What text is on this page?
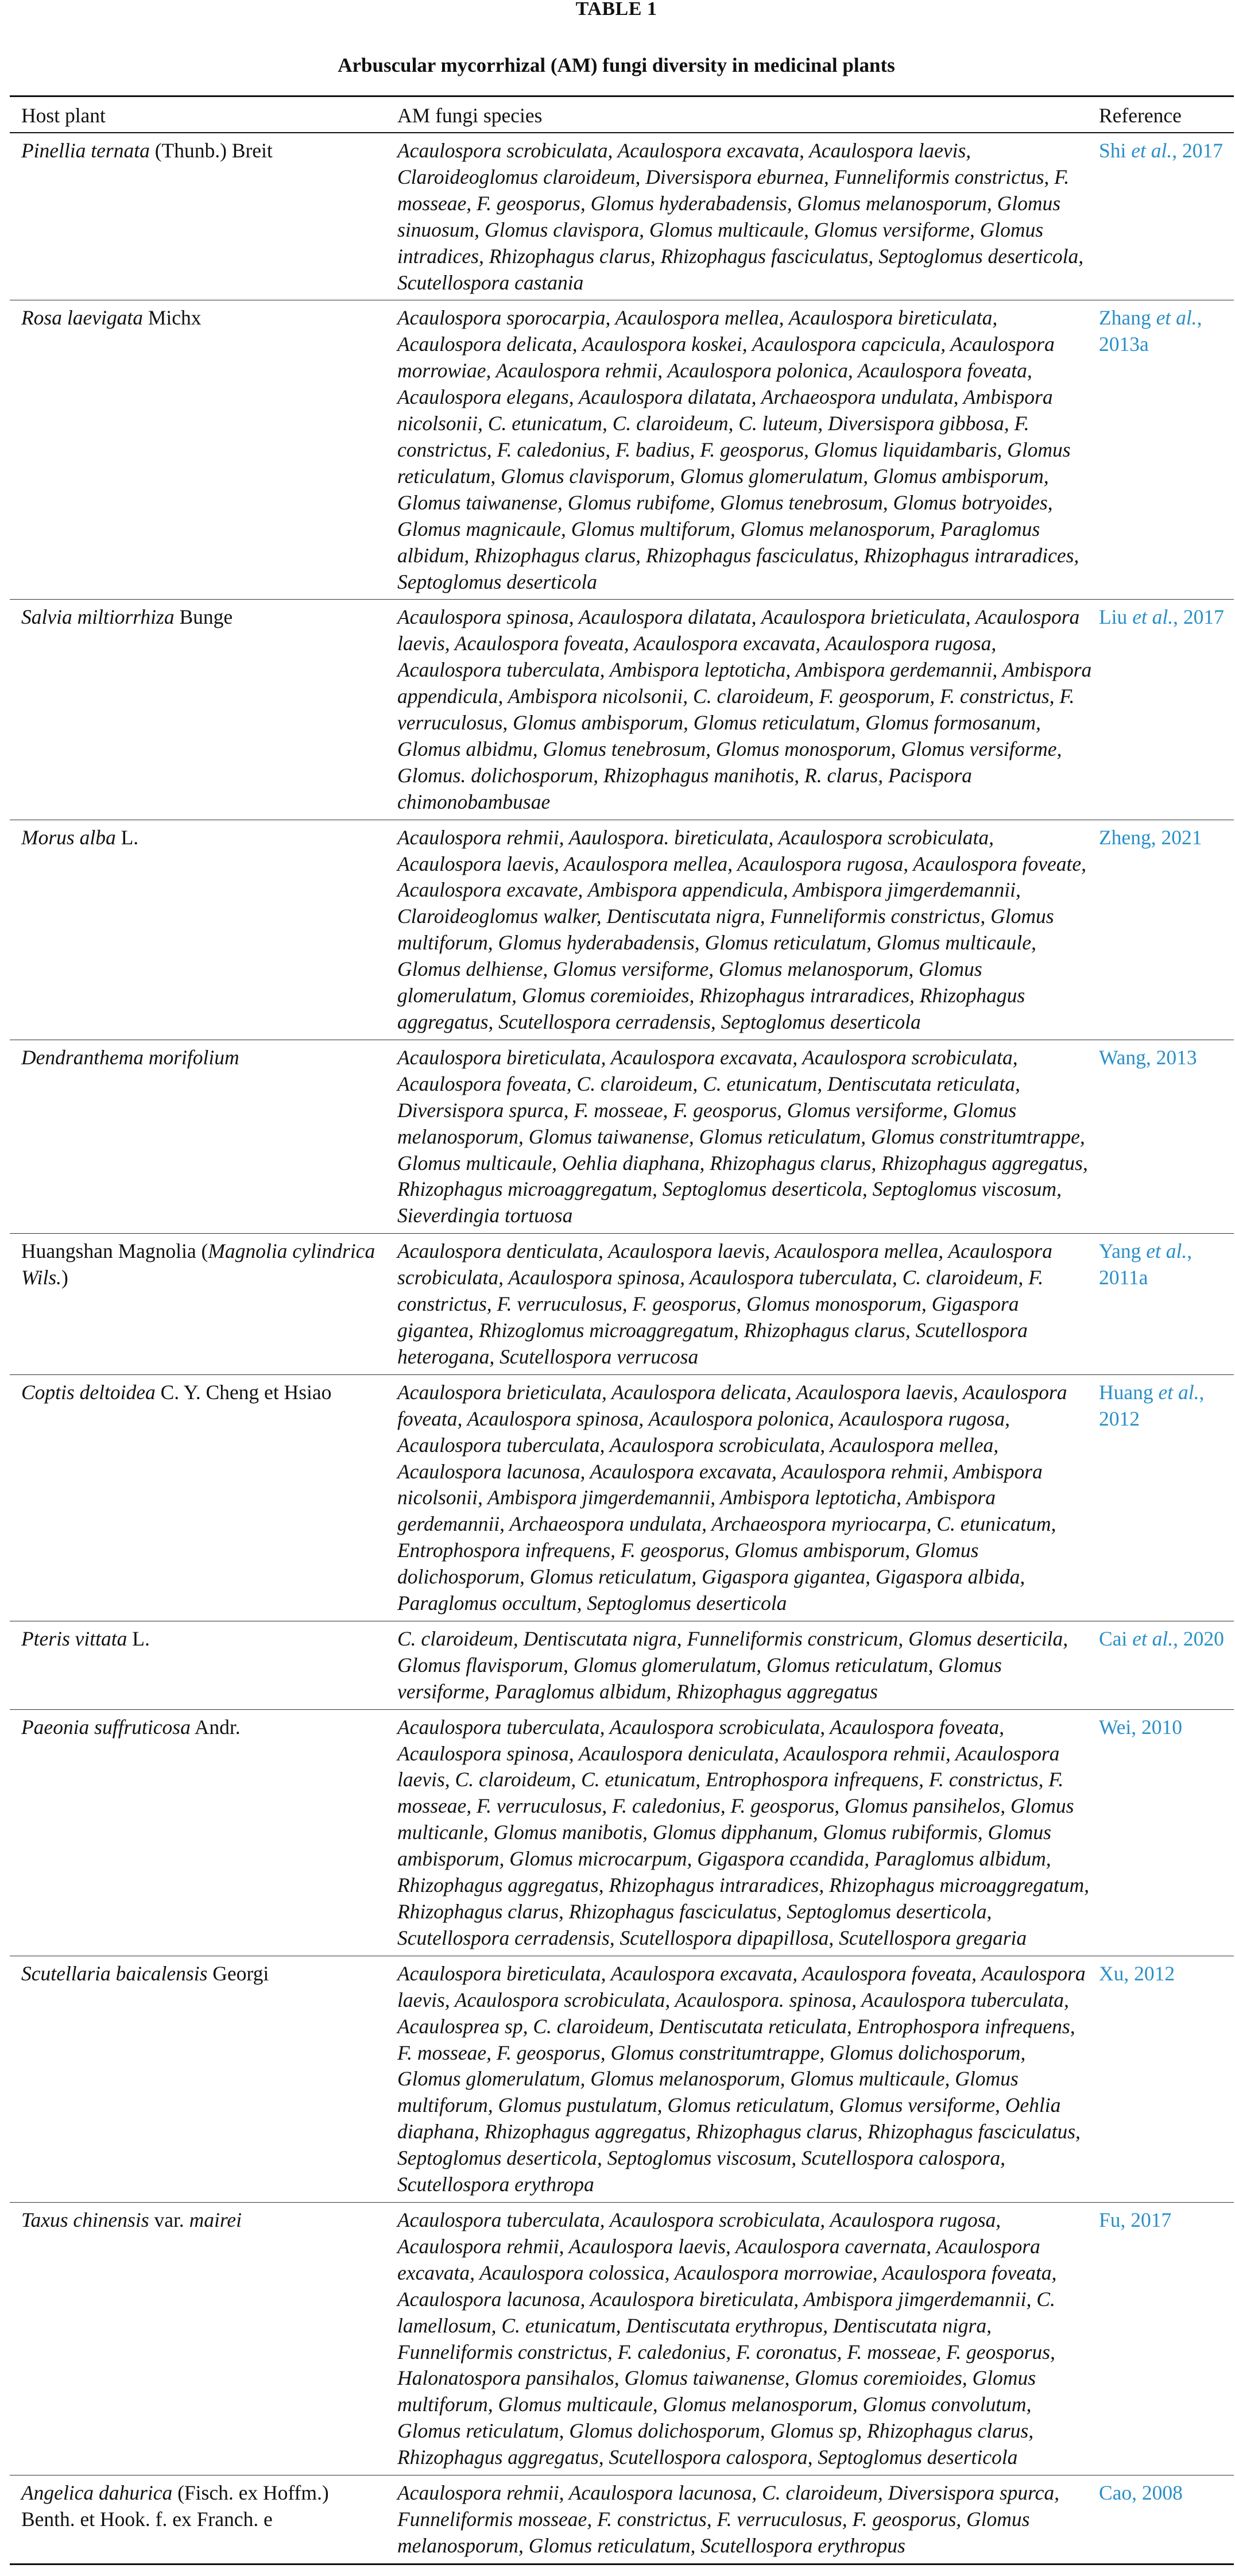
TABLE 1
Arbuscular mycorrhizal (AM) fungi diversity in medicinal plants
Host plant	AM fungi species	Reference
Pinellia ternata (Thunb.) Breit	Acaulospora scrobiculata, Acaulospora excavata, Acaulospora laevis, Claroideoglomus claroideum, Diversispora eburnea, Funneliformis constrictus, F. mosseae, F. geosporus, Glomus hyderabadensis, Glomus melanosporum, Glomus sinuosum, Glomus clavispora, Glomus multicaule, Glomus versiforme, Glomus intradices, Rhizophagus clarus, Rhizophagus fasciculatus, Septoglomus deserticola, Scutellospora castania	Shi et al., 2017
Rosa laevigata Michx	Acaulospora sporocarpia, Acaulospora mellea, Acaulospora bireticulata, Acaulospora delicata, Acaulospora koskei, Acaulospora capcicula, Acaulospora morrowiae, Acaulospora rehmii, Acaulospora polonica, Acaulospora foveata, Acaulospora elegans, Acaulospora dilatata, Archaeospora undulata, Ambispora nicolsonii, C. etunicatum, C. claroideum, C. luteum, Diversispora gibbosa, F. constrictus, F. caledonius, F. badius, F. geosporus, Glomus liquidambaris, Glomus reticulatum, Glomus clavisporum, Glomus glomerulatum, Glomus ambisporum, Glomus taiwanense, Glomus rubifome, Glomus tenebrosum, Glomus botryoides, Glomus magnicaule, Glomus multiforum, Glomus melanosporum, Paraglomus albidum, Rhizophagus clarus, Rhizophagus fasciculatus, Rhizophagus intraradices, Septoglomus deserticola	Zhang et al., 2013a
Salvia miltiorrhiza Bunge	Acaulospora spinosa, Acaulospora dilatata, Acaulospora brieticulata, Acaulospora laevis, Acaulospora foveata, Acaulospora excavata, Acaulospora rugosa, Acaulospora tuberculata, Ambispora leptoticha, Ambispora gerdemannii, Ambispora appendicula, Ambispora nicolsonii, C. claroideum, F. geosporum, F. constrictus, F. verruculosus, Glomus ambisporum, Glomus reticulatum, Glomus formosanum, Glomus albidmu, Glomus tenebrosum, Glomus monosporum, Glomus versiforme, Glomus. dolichosporum, Rhizophagus manihotis, R. clarus, Pacispora chimonobambusae	Liu et al., 2017
Morus alba L.	Acaulospora rehmii, Aaulospora. bireticulata, Acaulospora scrobiculata, Acaulospora laevis, Acaulospora mellea, Acaulospora rugosa, Acaulospora foveate, Acaulospora excavate, Ambispora appendicula, Ambispora jimgerdemannii, Claroideoglomus walker, Dentiscutata nigra, Funneliformis constrictus, Glomus multiforum, Glomus hyderabadensis, Glomus reticulatum, Glomus multicaule, Glomus delhiense, Glomus versiforme, Glomus melanosporum, Glomus glomerulatum, Glomus coremioides, Rhizophagus intraradices, Rhizophagus aggregatus, Scutellospora cerradensis, Septoglomus deserticola	Zheng, 2021
Dendranthema morifolium	Acaulospora bireticulata, Acaulospora excavata, Acaulospora scrobiculata, Acaulospora foveata, C. claroideum, C. etunicatum, Dentiscutata reticulata, Diversispora spurca, F. mosseae, F. geosporus, Glomus versiforme, Glomus melanosporum, Glomus taiwanense, Glomus reticulatum, Glomus constritumtrappe, Glomus multicaule, Oehlia diaphana, Rhizophagus clarus, Rhizophagus aggregatus, Rhizophagus microaggregatum, Septoglomus deserticola, Septoglomus viscosum, Sieverdingia tortuosa	Wang, 2013
Huangshan Magnolia (Magnolia cylindrica Wils.)	Acaulospora denticulata, Acaulospora laevis, Acaulospora mellea, Acaulospora scrobiculata, Acaulospora spinosa, Acaulospora tuberculata, C. claroideum, F. constrictus, F. verruculosus, F. geosporus, Glomus monosporum, Gigaspora gigantea, Rhizoglomus microaggregatum, Rhizophagus clarus, Scutellospora heterogana, Scutellospora verrucosa	Yang et al., 2011a
Coptis deltoidea C. Y. Cheng et Hsiao	Acaulospora brieticulata, Acaulospora delicata, Acaulospora laevis, Acaulospora foveata, Acaulospora spinosa, Acaulospora polonica, Acaulospora rugosa, Acaulospora tuberculata, Acaulospora scrobiculata, Acaulospora mellea, Acaulospora lacunosa, Acaulospora excavata, Acaulospora rehmii, Ambispora nicolsonii, Ambispora jimgerdemannii, Ambispora leptoticha, Ambispora gerdemannii, Archaeospora undulata, Archaeospora myriocarpa, C. etunicatum, Entrophospora infrequens, F. geosporus, Glomus ambisporum, Glomus dolichosporum, Glomus reticulatum, Gigaspora gigantea, Gigaspora albida, Paraglomus occultum, Septoglomus deserticola	Huang et al., 2012
Pteris vittata L.	C. claroideum, Dentiscutata nigra, Funneliformis constricum, Glomus deserticila, Glomus flavisporum, Glomus glomerulatum, Glomus reticulatum, Glomus versiforme, Paraglomus albidum, Rhizophagus aggregatus	Cai et al., 2020
Paeonia suffruticosa Andr.	Acaulospora tuberculata, Acaulospora scrobiculata, Acaulospora foveata, Acaulospora spinosa, Acaulospora deniculata, Acaulospora rehmii, Acaulospora laevis, C. claroideum, C. etunicatum, Entrophospora infrequens, F. constrictus, F. mosseae, F. verruculosus, F. caledonius, F. geosporus, Glomus pansihelos, Glomus multicanle, Glomus manibotis, Glomus dipphanum, Glomus rubiformis, Glomus ambisporum, Glomus microcarpum, Gigaspora ccandida, Paraglomus albidum, Rhizophagus aggregatus, Rhizophagus intraradices, Rhizophagus microaggregatum, Rhizophagus clarus, Rhizophagus fasciculatus, Septoglomus deserticola, Scutellospora cerradensis, Scutellospora dipapillosa, Scutellospora gregaria	Wei, 2010
Scutellaria baicalensis Georgi	Acaulospora bireticulata, Acaulospora excavata, Acaulospora foveata, Acaulospora laevis, Acaulospora scrobiculata, Acaulospora. spinosa, Acaulospora tuberculata, Acaulosprea sp, C. claroideum, Dentiscutata reticulata, Entrophospora infrequens, F. mosseae, F. geosporus, Glomus constritumtrappe, Glomus dolichosporum, Glomus glomerulatum, Glomus melanosporum, Glomus multicaule, Glomus multiforum, Glomus pustulatum, Glomus reticulatum, Glomus versiforme, Oehlia diaphana, Rhizophagus aggregatus, Rhizophagus clarus, Rhizophagus fasciculatus, Septoglomus deserticola, Septoglomus viscosum, Scutellospora calospora, Scutellospora erythropa	Xu, 2012
Taxus chinensis var. mairei	Acaulospora tuberculata, Acaulospora scrobiculata, Acaulospora rugosa, Acaulospora rehmii, Acaulospora laevis, Acaulospora cavernata, Acaulospora excavata, Acaulospora colossica, Acaulospora morrowiae, Acaulospora foveata, Acaulospora lacunosa, Acaulospora bireticulata, Ambispora jimgerdemannii, C. lamellosum, C. etunicatum, Dentiscutata erythropus, Dentiscutata nigra, Funneliformis constrictus, F. caledonius, F. coronatus, F. mosseae, F. geosporus, Halonatospora pansihalos, Glomus taiwanense, Glomus coremioides, Glomus multiforum, Glomus multicaule, Glomus melanosporum, Glomus convolutum, Glomus reticulatum, Glomus dolichosporum, Glomus sp, Rhizophagus clarus, Rhizophagus aggregatus, Scutellospora calospora, Septoglomus deserticola	Fu, 2017
Angelica dahurica (Fisch. ex Hoffm.) Benth. et Hook. f. ex Franch. e	Acaulospora rehmii, Acaulospora lacunosa, C. claroideum, Diversispora spurca, Funneliformis mosseae, F. constrictus, F. verruculosus, F. geosporus, Glomus melanosporum, Glomus reticulatum, Scutellospora erythropus	Cao, 2008
